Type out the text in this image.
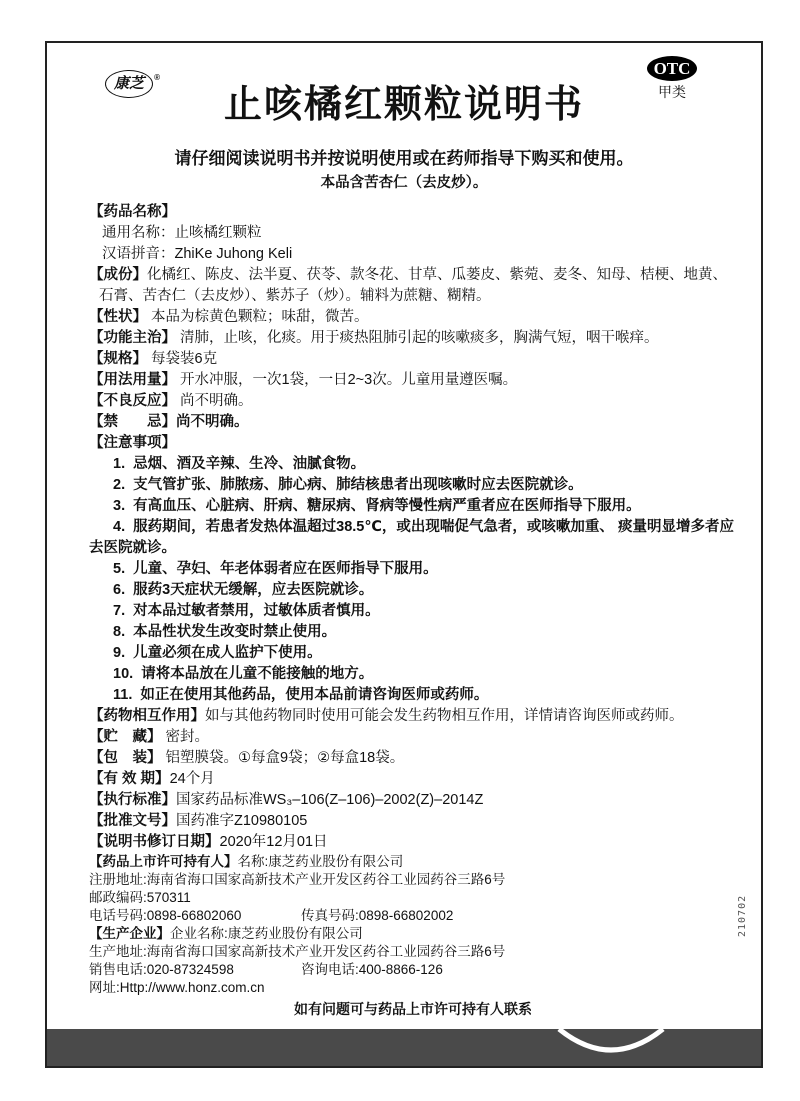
康芝 ®
止咳橘红颗粒说明书
OTC
甲类
请仔细阅读说明书并按说明使用或在药师指导下购买和使用。
本品含苦杏仁（去皮炒）。
【药品名称】
通用名称：止咳橘红颗粒
汉语拼音：ZhiKe Juhong Keli
【成份】化橘红、陈皮、法半夏、茯苓、款冬花、甘草、瓜蒌皮、紫菀、麦冬、知母、桔梗、地黄、石膏、苦杏仁（去皮炒）、紫苏子（炒）。辅料为蔗糖、糊精。
【性状】 本品为棕黄色颗粒；味甜，微苦。
【功能主治】 清肺，止咳，化痰。用于痰热阻肺引起的咳嗽痰多，胸满气短，咽干喉痒。
【规格】 每袋装6克
【用法用量】 开水冲服，一次1袋，一日2~3次。儿童用量遵医嘱。
【不良反应】 尚不明确。
【禁　　忌】尚不明确。
【注意事项】
1.  忌烟、酒及辛辣、生冷、油腻食物。
2.  支气管扩张、肺脓疡、肺心病、肺结核患者出现咳嗽时应去医院就诊。
3.  有高血压、心脏病、肝病、糖尿病、肾病等慢性病严重者应在医师指导下服用。
4.  服药期间，若患者发热体温超过38.5℃，或出现喘促气急者，或咳嗽加重、 痰量明显增多者应去医院就诊。
5.  儿童、孕妇、年老体弱者应在医师指导下服用。
6.  服药3天症状无缓解，应去医院就诊。
7.  对本品过敏者禁用，过敏体质者慎用。
8.  本品性状发生改变时禁止使用。
9.  儿童必须在成人监护下使用。
10.  请将本品放在儿童不能接触的地方。
11.  如正在使用其他药品，使用本品前请咨询医师或药师。
【药物相互作用】如与其他药物同时使用可能会发生药物相互作用，详情请咨询医师或药师。
【贮　藏】 密封。
【包　装】 铝塑膜袋。①每盒9袋；②每盒18袋。
【有 效 期】24个月
【执行标准】国家药品标准WS₃–106(Z–106)–2002(Z)–2014Z
【批准文号】国药准字Z10980105
【说明书修订日期】2020年12月01日
【药品上市许可持有人】名称:康芝药业股份有限公司
注册地址:海南省海口国家高新技术产业开发区药谷工业园药谷三路6号
邮政编码:570311
电话号码:0898-66802060	传真号码:0898-66802002
【生产企业】企业名称:康芝药业股份有限公司
生产地址:海南省海口国家高新技术产业开发区药谷工业园药谷三路6号
销售电话:020-87324598	咨询电话:400-8866-126
网址:Http://www.honz.com.cn
如有问题可与药品上市许可持有人联系
210702
